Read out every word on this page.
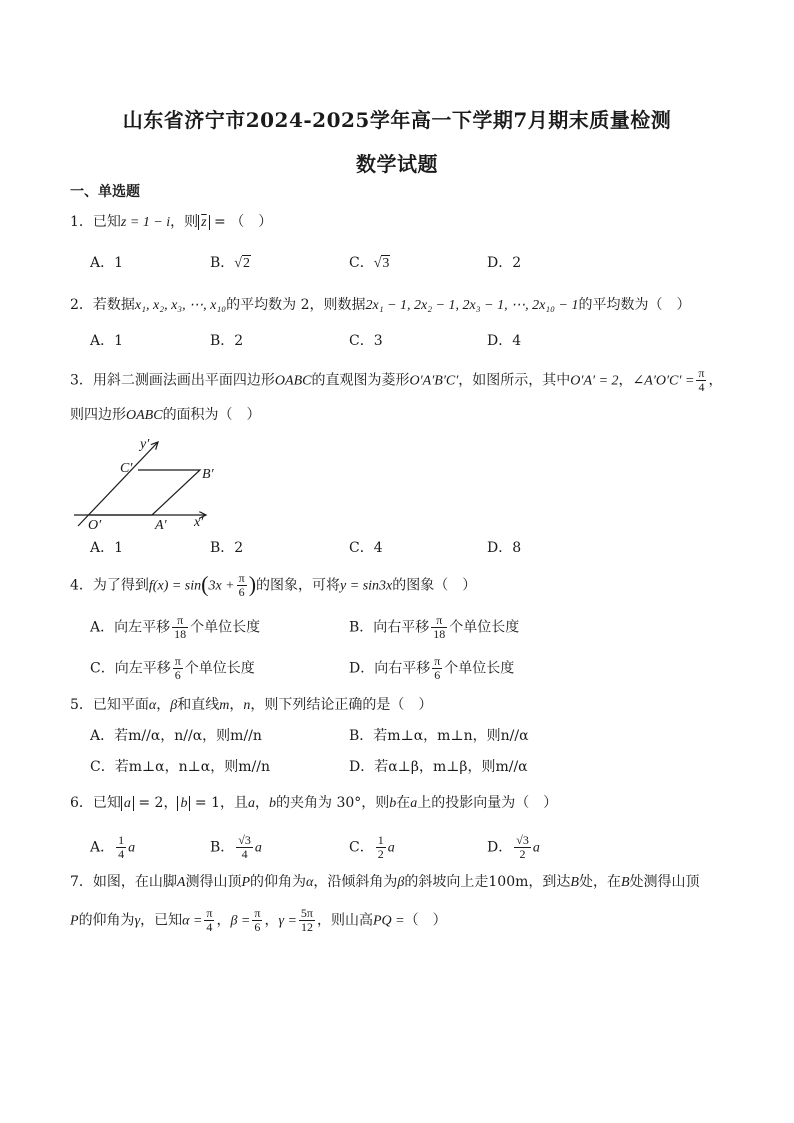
山东省济宁市2024-2025学年高一下学期7月期末质量检测
数学试题
一、单选题
1．已知z = 1 − i，则 $\overline{z}$ = （　）
A．1	B．√2	C．√3	D．2
2．若数据x₁, x₂, x₃, ⋯, x₁₀的平均数为 2，则数据2x₁ − 1, 2x₂ − 1, 2x₃ − 1, ⋯, 2x₁₀ − 1的平均数为（　）
A．1	B．2	C．3	D．4
3．用斜二测画法画出平面四边形OABC的直观图为菱形O′A′B′C′，如图所示，其中O′A′ = 2，∠A′O′C′ = $\frac{\pi}{4}$ ，
则四边形OABC的面积为（　）
y′
C′	B′
O′	A′ x′
A．1	B．2	C．4	D．8
4．为了得到$f(x) = \sin(3x + \frac{\pi}{6}$ )的图象，可将y = sin3x的图象（　）
A．向左平移 $\frac{\pi}{18}$ 个单位长度	B．向右平移 $\frac{\pi}{18}$ 个单位长度
C．向左平移 $\frac{\pi}{6}$ 个单位长度	D．向右平移 $\frac{\pi}{6}$ 个单位长度
5．已知平面α，β和直线m，n，则下列结论正确的是（　）
A．若m//α，n//α，则m//n	B．若m⊥α，m⊥n，则n//α
C．若m⊥α，n⊥α，则m//n	D．若α⊥β，m⊥β，则m//α
6．已知 a = 2， b = 1，且a，b的夹角为 30°，则b在a上的投影向量为（　）
A． $\frac{1}{4}$ a	B． $\frac{√3}{4}$ a	C． $\frac{1}{2}$ a	D． $\frac{√3}{2}$ a
7．如图，在山脚A测得山顶P的仰角为α，沿倾斜角为β的斜坡向上走100m，到达B处，在B处测得山顶
P的仰角为γ，已知$\alpha = \frac{\pi}{4}$ ，$\beta = \frac{\pi}{6}$ ，$\gamma = \frac{5\pi}{12}$ ，则山高PQ =（　）
